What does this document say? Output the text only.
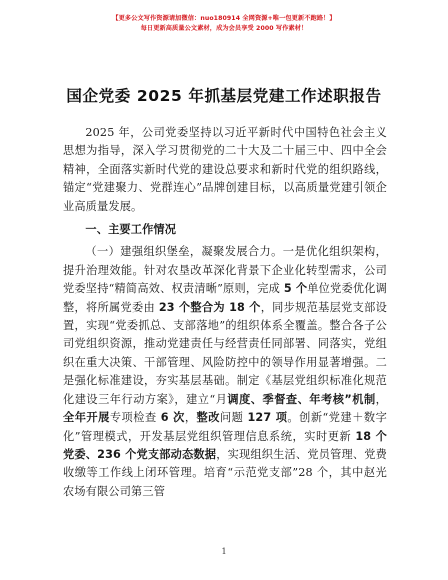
【更多公文写作资源请加微信：nuo180914 全网资源+唯一包更新不跑路！】
每日更新高质量公文素材，成为会员享受 2000 写作素材！
国企党委 2025 年抓基层党建工作述职报告

2025 年，公司党委坚持以习近平新时代中国特色社会主义思想为指导，深入学习贯彻党的二十大及二十届三中、四中全会精神，全面落实新时代党的建设总要求和新时代党的组织路线，锚定“党建聚力、党群连心”品牌创建目标，以高质量党建引领企业高质量发展。

一、主要工作情况

（一）建强组织堡垒，凝聚发展合力。一是优化组织架构，提升治理效能。针对农垦改革深化背景下企业化转型需求，公司党委坚持“精简高效、权责清晰”原则，完成 5 个单位党委优化调整，将所属党委由 23 个整合为 18 个，同步规范基层党支部设置，实现“党委抓总、支部落地”的组织体系全覆盖。整合各子公司党组织资源，推动党建责任与经营责任同部署、同落实，党组织在重大决策、干部管理、风险防控中的领导作用显著增强。二是强化标准建设，夯实基层基础。制定《基层党组织标准化规范化建设三年行动方案》，建立“月调度、季督查、年考核”机制，全年开展专项检查 6 次，整改问题 127 项。创新“党建＋数字化”管理模式，开发基层党组织管理信息系统，实时更新 18 个党委、236 个党支部动态数据，实现组织生活、党员管理、党费收缴等工作线上闭环管理。培育“示范党支部”28 个，其中赵光农场有限公司第三管

1
